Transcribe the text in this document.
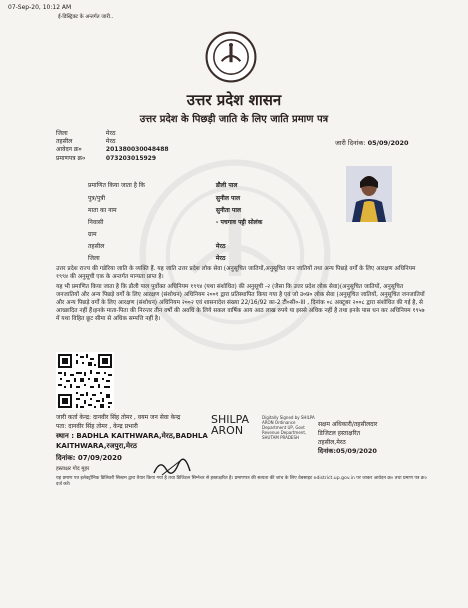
07-Sep-20, 10:12 AM
ई-डिस्ट्रिक्ट के अन्तर्गत जारी..
उत्तर प्रदेश शासन
उत्तर प्रदेश के पिछड़ी जाति के लिए जाति प्रमाण पत्र
जिला	मेरठ
तहसील	मेरठ
आवेदन क्र०	201380030048488
प्रमाणपत्र क्र०	073203015929
जारी दिनांक: 05/09/2020
प्रमाणित किया जाता है कि	डौली पाल
पुत्र/पुत्री	सुनील पाल
माता का नाम	सुनीता पाल
निवासी	- पचगाव पट्टी सोलंक
ग्राम
तहसील	मेरठ
जिला	मेरठ
उत्तर प्रदेश राज्य की गडेरिया जाति के व्यक्ति हैं. यह जाति उत्तर प्रदेश लोक सेवा (अनुसूचित जातियों,अनुसूचित जन जातियों तथा अन्य पिछड़े वर्गों के लिए आरक्षण अधिनियम १९९४ की अनुसूची एक के अन्तर्गत मान्यता प्राप्त है।
यह भी प्रमाणित किया जाता है कि डौली पाल पूर्वोक्त अधिनियम १९९४ (यथा संशोधित) की अनुसूची -२ (जैसा कि उत्तर प्रदेश लोक सेवा)(अनुसूचित जातियों, अनुसूचित जनजातियों और अन्य पिछड़े वर्गों के लिए आरक्षण (संशोधन) अधिनियम २००१ द्वारा प्रतिस्थापित किया गया है एवं जो उ०प्र० लोक सेवा (अनुसूचित जातियों, अनुसूचित जनजातियों और अन्य पिछड़े वर्गों के लिए आरक्षण (संशोधन) अधिनियम २००२ एवं शासनादेश संख्या 22/16/92 का-2 टी०सी०-III , दिनांक ०८ अक्टूबर २००८ द्वारा संशोधित की गई है, से आच्छादित नहीं हैं।इनके माता-पिता की निरन्तर तीन वर्षों की अवधि के लिये सकल वार्षिक आय आठ लाख रुपये या इससे अधिक नहीं है तथा इनके पास धन कर अधिनियम १९५७ में यथा विहित छूट सीमा से अधिक सम्पत्ति नहीं है।
जारी कर्ता केन्द्र: दानवीर सिंह तोमर , वयम जन सेवा केन्द्र
पता: दानवीर सिंह तोमर , केन्द्र प्रभारी
स्थान : BADHLA KAITHWARA,मेरठ,BADHLA
KAITHWARA,रजपुरा,मेरठ
दिनांक: 07/09/2020
हस्ताक्षर गोद मुहर
SHILPA
ARON
Digitally Signed by SHILPA ARON Ordinance Department UP, Govt Revenue Department, SHUTAM PRADESH
सक्षम अधिकारी/तहसीलदार
डिजिटल हस्ताक्षरित
तहसील,मेरठ
दिनांक:05/09/2020
यह प्रमाण पत्र इलेक्ट्रॉनिक डिलिवरी सिस्टम द्वारा तैयार किया गया है तथा डिजिटल सिग्नेचर से हस्ताक्षरित है। प्रमाणपत्र की सत्यता की जांच के लिए वेबसाइट edistrict.up.gov.in पर जाकर आवेदन क्र० तथा प्रमाण पत्र क्र० दर्ज करें।
